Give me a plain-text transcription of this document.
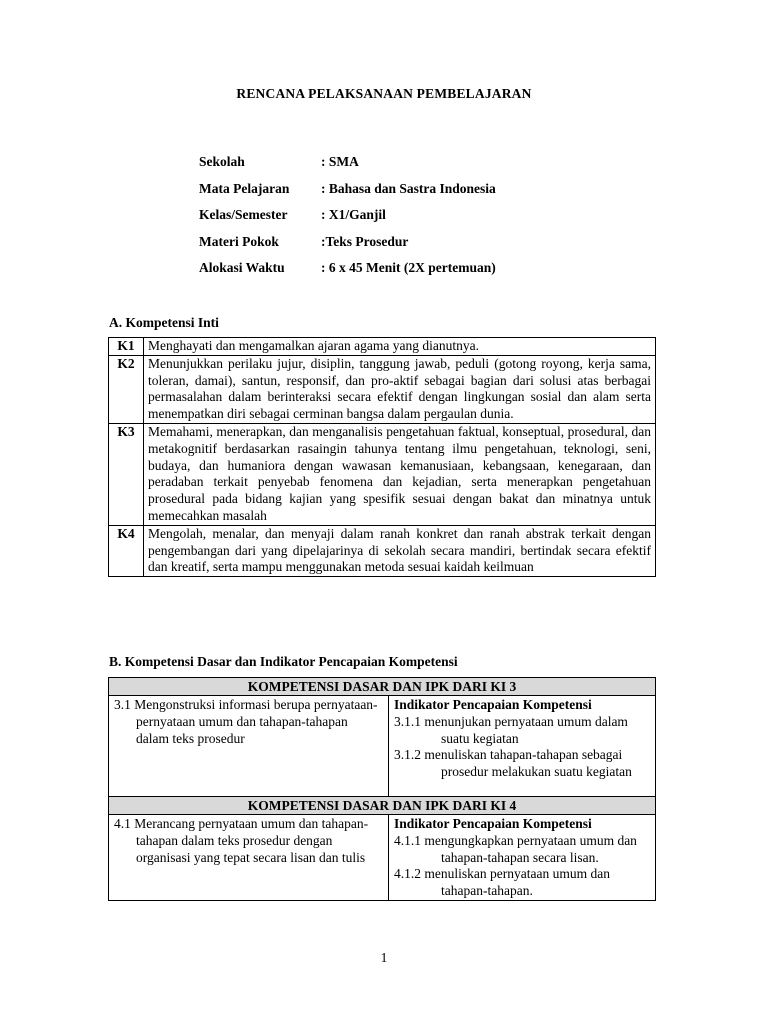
RENCANA PELAKSANAAN PEMBELAJARAN
Sekolah	: SMA
Mata Pelajaran	: Bahasa dan Sastra Indonesia
Kelas/Semester	: X1/Ganjil
Materi Pokok	:Teks Prosedur
Alokasi Waktu	: 6 x 45 Menit (2X pertemuan)
A. Kompetensi Inti
K1	Menghayati dan mengamalkan ajaran agama yang dianutnya.
K2	Menunjukkan perilaku jujur, disiplin, tanggung jawab, peduli (gotong royong, kerja sama, toleran, damai), santun, responsif, dan pro-aktif sebagai bagian dari solusi atas berbagai permasalahan dalam berinteraksi secara efektif dengan lingkungan sosial dan alam serta menempatkan diri sebagai cerminan bangsa dalam pergaulan dunia.
K3	Memahami, menerapkan, dan menganalisis pengetahuan faktual, konseptual, prosedural, dan metakognitif berdasarkan rasaingin tahunya tentang ilmu pengetahuan, teknologi, seni, budaya, dan humaniora dengan wawasan kemanusiaan, kebangsaan, kenegaraan, dan peradaban terkait penyebab fenomena dan kejadian, serta menerapkan pengetahuan prosedural pada bidang kajian yang spesifik sesuai dengan bakat dan minatnya untuk memecahkan masalah
K4	Mengolah, menalar, dan menyaji dalam ranah konkret dan ranah abstrak terkait dengan pengembangan dari yang dipelajarinya di sekolah secara mandiri, bertindak secara efektif dan kreatif, serta mampu menggunakan metoda sesuai kaidah keilmuan
B. Kompetensi Dasar dan Indikator Pencapaian Kompetensi
KOMPETENSI DASAR DAN IPK DARI KI 3	

3.1 Mengonstruksi informasi berupa pernyataan-pernyataan umum dan tahapan-tahapan dalam teks prosedur	Indikator Pencapaian Kompetensi
3.1.1 menunjukan pernyataan umum dalam suatu kegiatan
3.1.2 menuliskan tahapan-tahapan sebagai prosedur melakukan suatu kegiatan

KOMPETENSI DASAR DAN IPK DARI KI 4	

4.1 Merancang pernyataan umum dan tahapan-tahapan dalam teks prosedur dengan organisasi yang tepat secara lisan dan tulis	Indikator Pencapaian Kompetensi
4.1.1 mengungkapkan pernyataan umum dan tahapan-tahapan secara lisan.
4.1.2 menuliskan pernyataan umum dan tahapan-tahapan.
1
